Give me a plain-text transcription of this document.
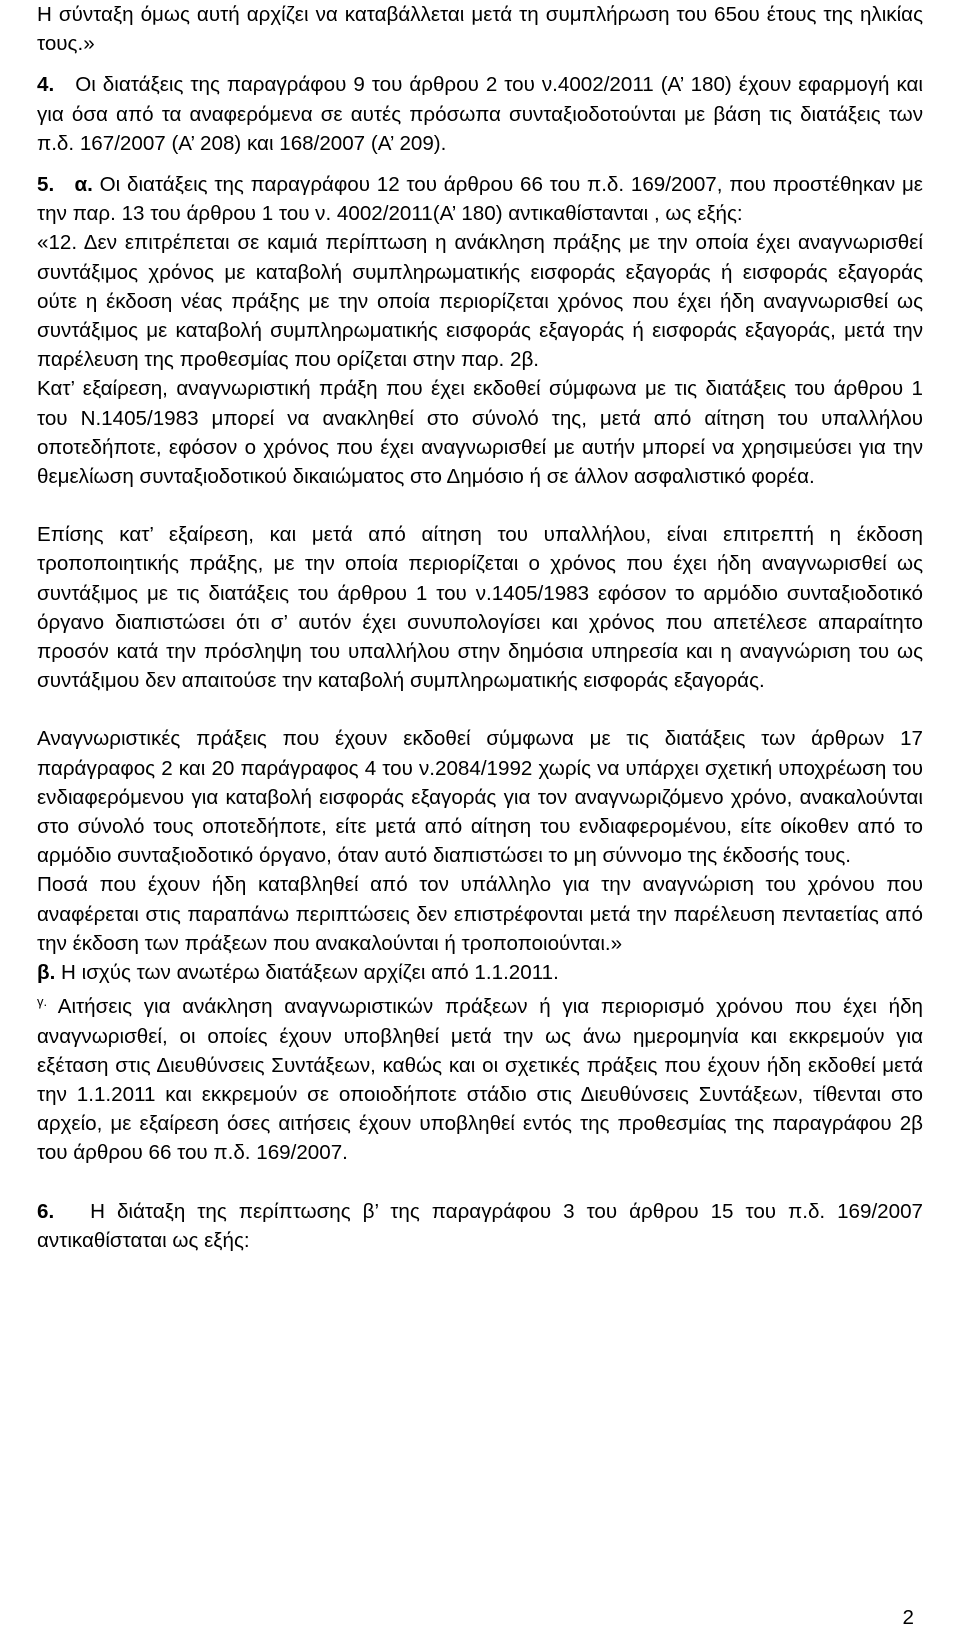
Η σύνταξη όμως αυτή αρχίζει να καταβάλλεται μετά τη συμπλήρωση του 65ου έτους της ηλικίας τους.»

4. Οι διατάξεις της παραγράφου 9 του άρθρου 2 του ν.4002/2011 (Α’ 180) έχουν εφαρμογή και για όσα από τα αναφερόμενα σε αυτές πρόσωπα συνταξιοδοτούνται με βάση τις διατάξεις των π.δ. 167/2007 (Α’ 208) και 168/2007 (Α’ 209).

5. α. Οι διατάξεις της παραγράφου 12 του άρθρου 66 του π.δ. 169/2007, που προστέθηκαν με την παρ. 13 του άρθρου 1 του ν. 4002/2011(Α’ 180) αντικαθίστανται , ως εξής:

«12. Δεν επιτρέπεται σε καμιά περίπτωση η ανάκληση πράξης με την οποία έχει αναγνωρισθεί συντάξιμος χρόνος με καταβολή συμπληρωματικής εισφοράς εξαγοράς ή εισφοράς εξαγοράς ούτε η έκδοση νέας πράξης με την οποία περιορίζεται χρόνος που έχει ήδη αναγνωρισθεί ως συντάξιμος με καταβολή συμπληρωματικής εισφοράς εξαγοράς ή εισφοράς εξαγοράς, μετά την παρέλευση της προθεσμίας που ορίζεται στην παρ. 2β.

Κατ’ εξαίρεση, αναγνωριστική πράξη που έχει εκδοθεί σύμφωνα με τις διατάξεις του άρθρου 1 του Ν.1405/1983 μπορεί να ανακληθεί στο σύνολό της, μετά από αίτηση του υπαλλήλου οποτεδήποτε, εφόσον ο χρόνος που έχει αναγνωρισθεί με αυτήν μπορεί να χρησιμεύσει για την θεμελίωση συνταξιοδοτικού δικαιώματος στο Δημόσιο ή σε άλλον ασφαλιστικό φορέα.

Επίσης κατ’ εξαίρεση, και μετά από αίτηση του υπαλλήλου, είναι επιτρεπτή η έκδοση τροποποιητικής πράξης, με την οποία περιορίζεται ο χρόνος που έχει ήδη αναγνωρισθεί ως συντάξιμος με τις διατάξεις του άρθρου 1 του ν.1405/1983 εφόσον το αρμόδιο συνταξιοδοτικό όργανο διαπιστώσει ότι σ’ αυτόν έχει συνυπολογίσει και χρόνος που απετέλεσε απαραίτητο προσόν κατά την πρόσληψη του υπαλλήλου στην δημόσια υπηρεσία και η αναγνώριση του ως συντάξιμου δεν απαιτούσε την καταβολή συμπληρωματικής εισφοράς εξαγοράς.

Αναγνωριστικές πράξεις που έχουν εκδοθεί σύμφωνα με τις διατάξεις των άρθρων 17 παράγραφος 2 και 20 παράγραφος 4 του ν.2084/1992 χωρίς να υπάρχει σχετική υποχρέωση του ενδιαφερόμενου για καταβολή εισφοράς εξαγοράς για τον αναγνωριζόμενο χρόνο, ανακαλούνται στο σύνολό τους οποτεδήποτε, είτε μετά από αίτηση του ενδιαφερομένου, είτε οίκοθεν από το αρμόδιο συνταξιοδοτικό όργανο, όταν αυτό διαπιστώσει το μη σύννομο της έκδοσής τους.

Ποσά που έχουν ήδη καταβληθεί από τον υπάλληλο για την αναγνώριση του χρόνου που αναφέρεται στις παραπάνω περιπτώσεις δεν επιστρέφονται μετά την παρέλευση πενταετίας από την έκδοση των πράξεων που ανακαλούνται ή τροποποιούνται.»

β. Η ισχύς των ανωτέρω διατάξεων αρχίζει από 1.1.2011.

$^{\gamma.}$ Αιτήσεις για ανάκληση αναγνωριστικών πράξεων ή για περιορισμό χρόνου που έχει ήδη αναγνωρισθεί, οι οποίες έχουν υποβληθεί μετά την ως άνω ημερομηνία και εκκρεμούν για εξέταση στις Διευθύνσεις Συντάξεων, καθώς και οι σχετικές πράξεις που έχουν ήδη εκδοθεί μετά την 1.1.2011 και εκκρεμούν σε οποιοδήποτε στάδιο στις Διευθύνσεις Συντάξεων, τίθενται στο αρχείο, με εξαίρεση όσες αιτήσεις έχουν υποβληθεί εντός της προθεσμίας της παραγράφου 2β του άρθρου 66 του π.δ. 169/2007.

6. Η διάταξη της περίπτωσης β’ της παραγράφου 3 του άρθρου 15 του π.δ. 169/2007 αντικαθίσταται ως εξής:

2
